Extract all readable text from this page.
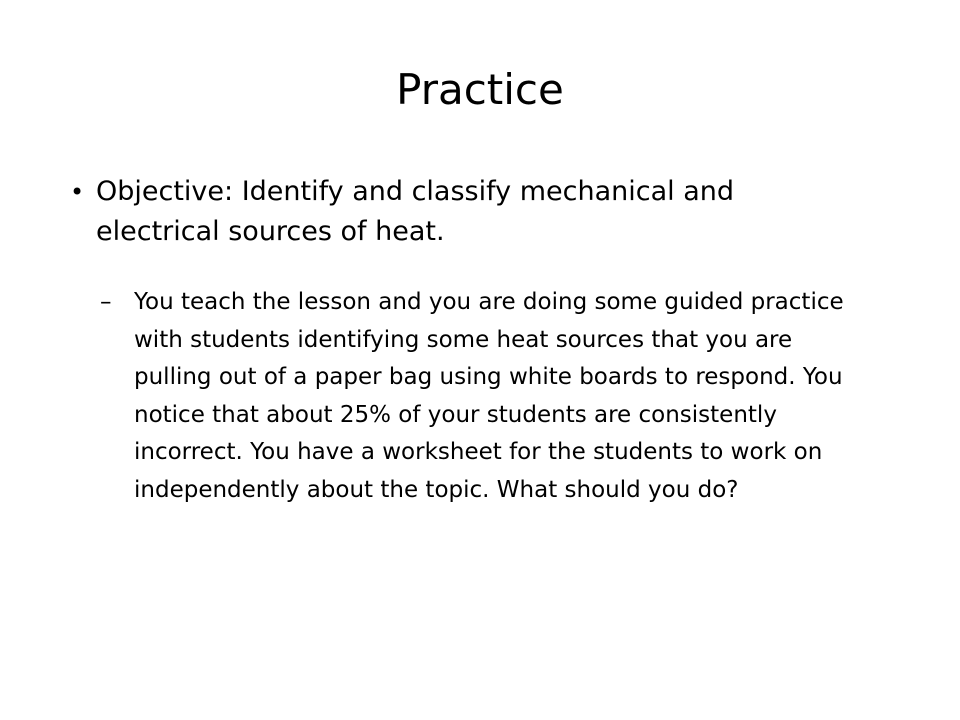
Practice
• Objective: Identify and classify mechanical and electrical sources of heat.

– You teach the lesson and you are doing some guided practice with students identifying some heat sources that you are pulling out of a paper bag using white boards to respond. You notice that about 25% of your students are consistently incorrect. You have a worksheet for the students to work on independently about the topic. What should you do?
